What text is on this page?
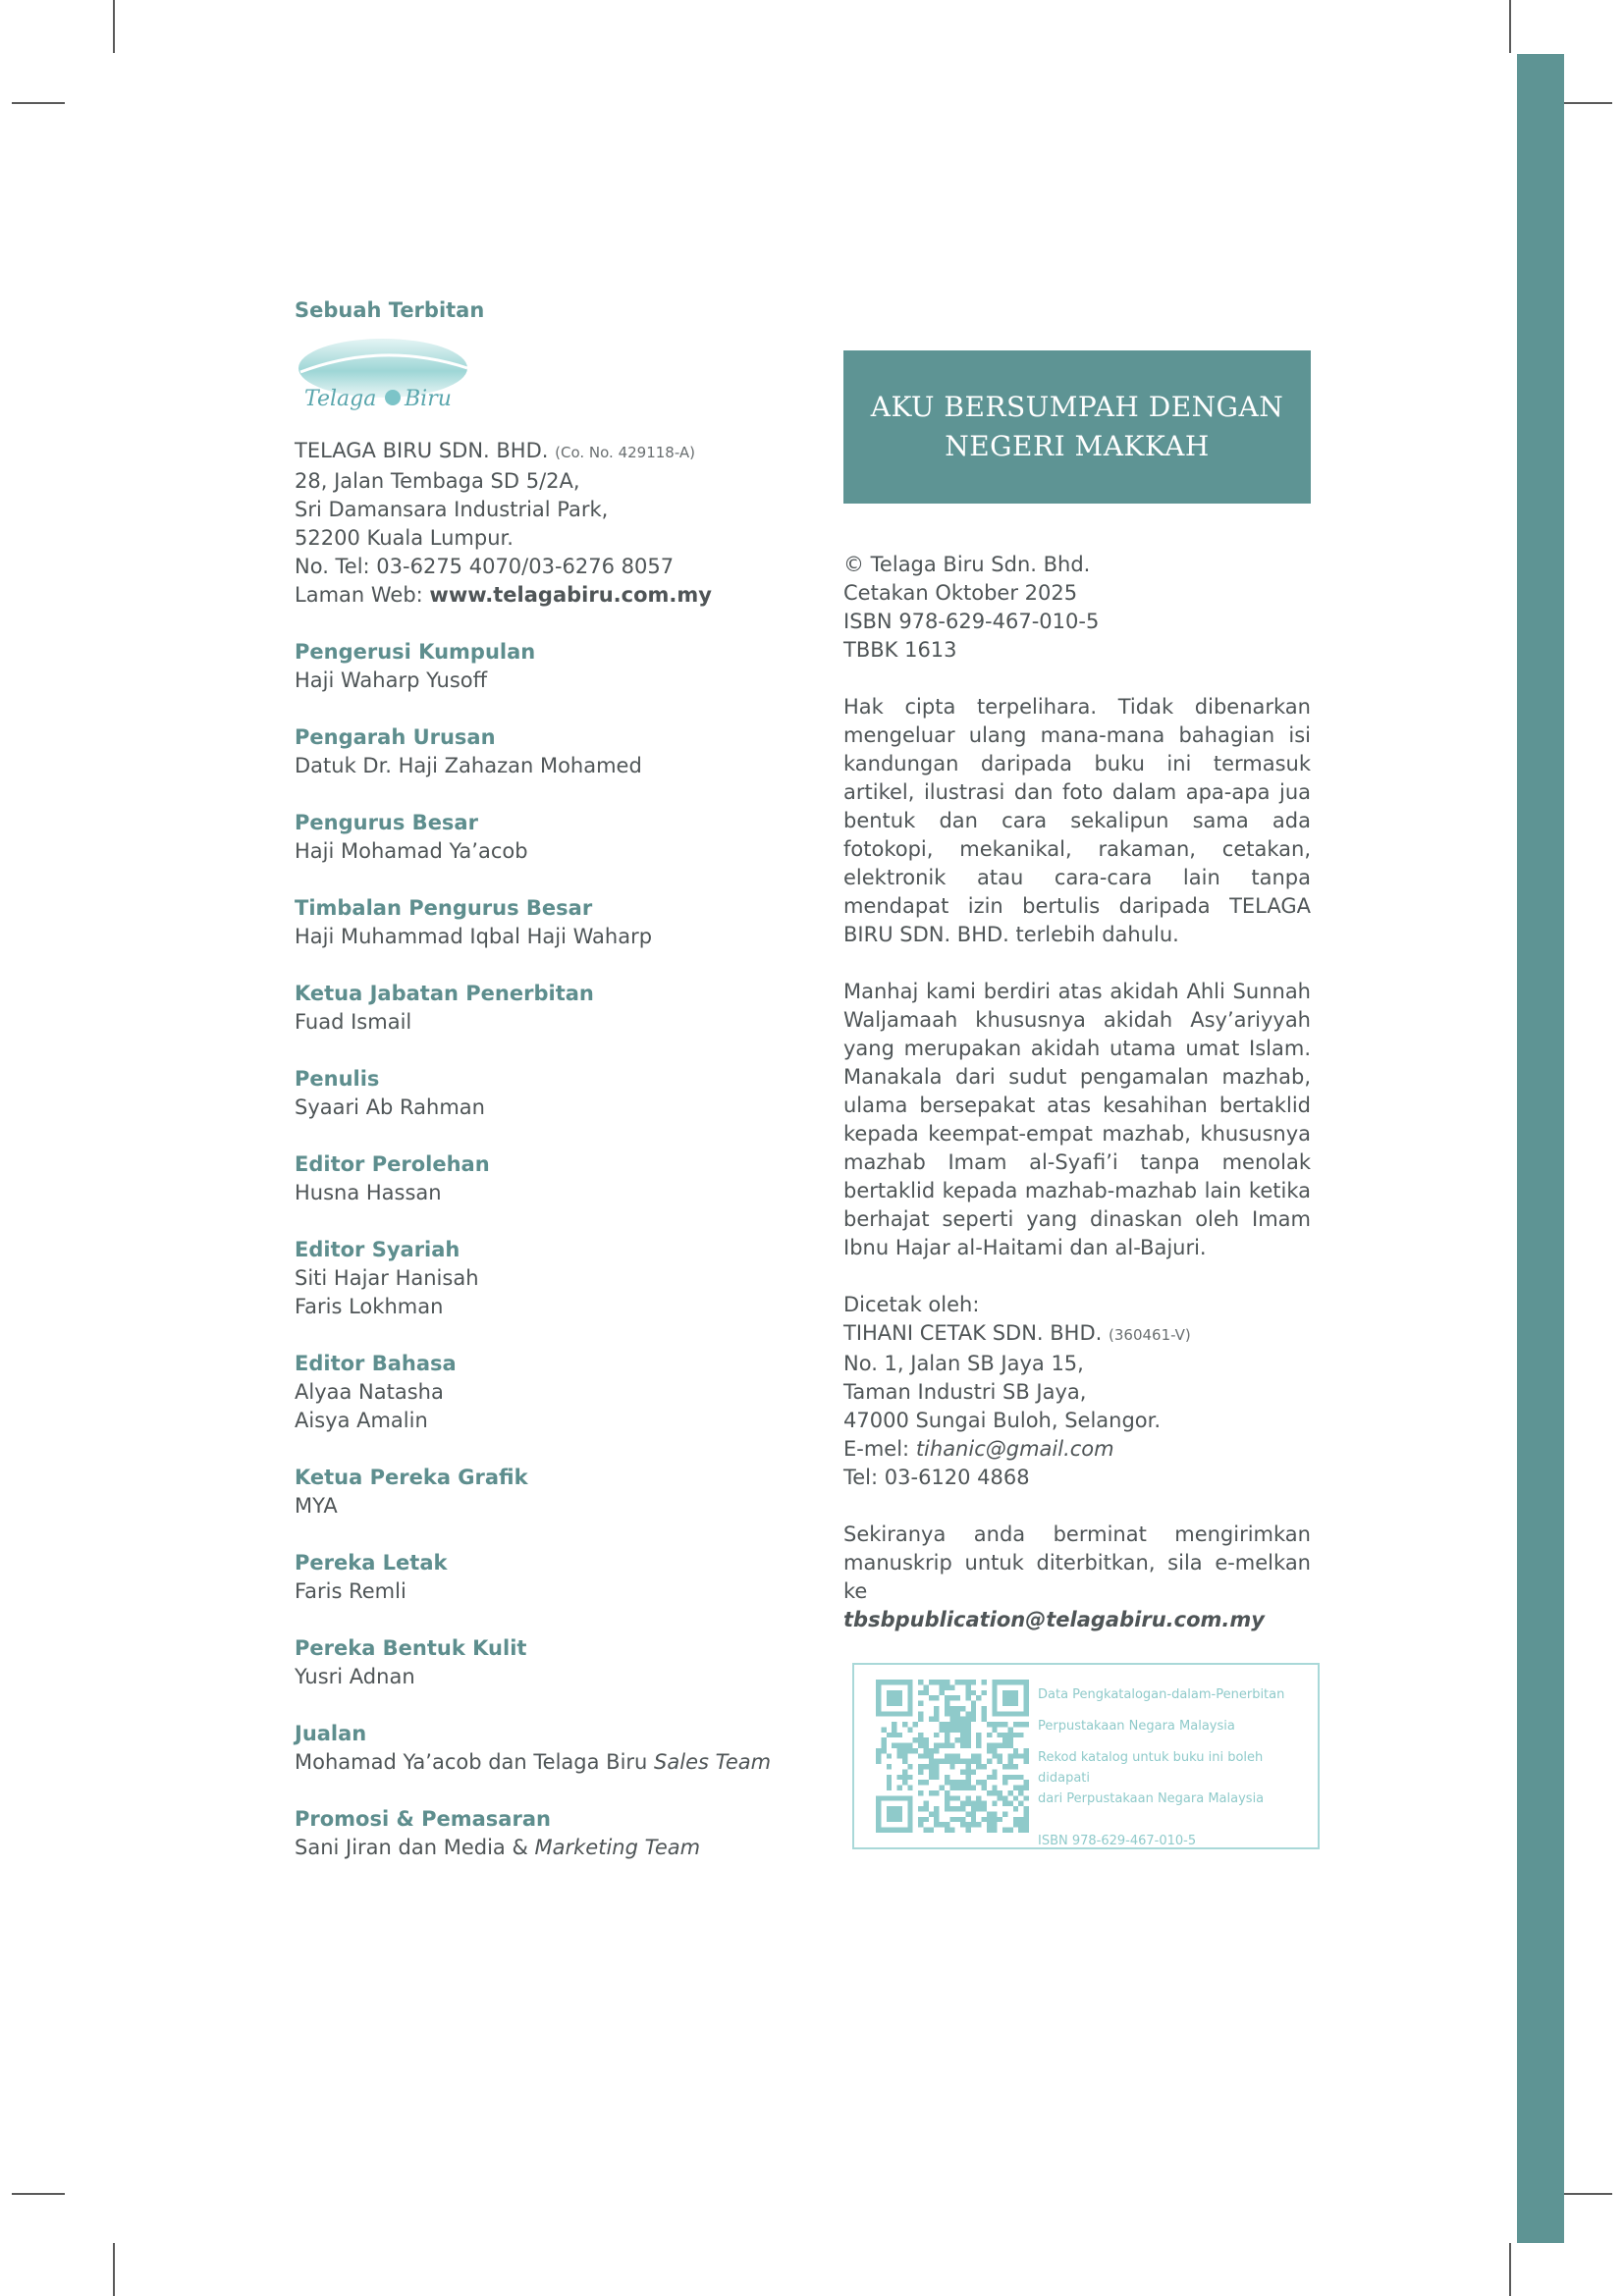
Sebuah Terbitan
Telaga Biru
TELAGA BIRU SDN. BHD. (Co. No. 429118-A)
28, Jalan Tembaga SD 5/2A,
Sri Damansara Industrial Park,
52200 Kuala Lumpur.
No. Tel: 03-6275 4070/03-6276 8057
Laman Web: www.telagabiru.com.my
Pengerusi Kumpulan
Haji Waharp Yusoff
Pengarah Urusan
Datuk Dr. Haji Zahazan Mohamed
Pengurus Besar
Haji Mohamad Ya’acob
Timbalan Pengurus Besar
Haji Muhammad Iqbal Haji Waharp
Ketua Jabatan Penerbitan
Fuad Ismail
Penulis
Syaari Ab Rahman
Editor Perolehan
Husna Hassan
Editor Syariah
Siti Hajar Hanisah
Faris Lokhman
Editor Bahasa
Alyaa Natasha
Aisya Amalin
Ketua Pereka Grafik
MYA
Pereka Letak
Faris Remli
Pereka Bentuk Kulit
Yusri Adnan
Jualan
Mohamad Ya’acob dan Telaga Biru Sales Team
Promosi & Pemasaran
Sani Jiran dan Media & Marketing Team
AKU BERSUMPAH DENGAN
NEGERI MAKKAH
© Telaga Biru Sdn. Bhd.
Cetakan Oktober 2025
ISBN 978-629-467-010-5
TBBK 1613
Hak cipta terpelihara. Tidak dibenarkan mengeluar ulang mana-mana bahagian isi kandungan daripada buku ini termasuk artikel, ilustrasi dan foto dalam apa-apa jua bentuk dan cara sekalipun sama ada fotokopi, mekanikal, rakaman, cetakan, elektronik atau cara-cara lain tanpa mendapat izin bertulis daripada TELAGA BIRU SDN. BHD. terlebih dahulu.
Manhaj kami berdiri atas akidah Ahli Sunnah Waljamaah khususnya akidah Asy’ariyyah yang merupakan akidah utama umat Islam. Manakala dari sudut pengamalan mazhab, ulama bersepakat atas kesahihan bertaklid kepada keempat-empat mazhab, khususnya mazhab Imam al-Syafi’i tanpa menolak bertaklid kepada mazhab-mazhab lain ketika berhajat seperti yang dinaskan oleh Imam Ibnu Hajar al-Haitami dan al-Bajuri.
Dicetak oleh:
TIHANI CETAK SDN. BHD. (360461-V)
No. 1, Jalan SB Jaya 15,
Taman Industri SB Jaya,
47000 Sungai Buloh, Selangor.
E-mel: tihanic@gmail.com
Tel: 03-6120 4868
Sekiranya anda berminat mengirimkan manuskrip untuk diterbitkan, sila e-melkan ke
tbsbpublication@telagabiru.com.my
Data Pengkatalogan-dalam-Penerbitan
Perpustakaan Negara Malaysia
Rekod katalog untuk buku ini boleh didapati
dari Perpustakaan Negara Malaysia
ISBN 978-629-467-010-5
